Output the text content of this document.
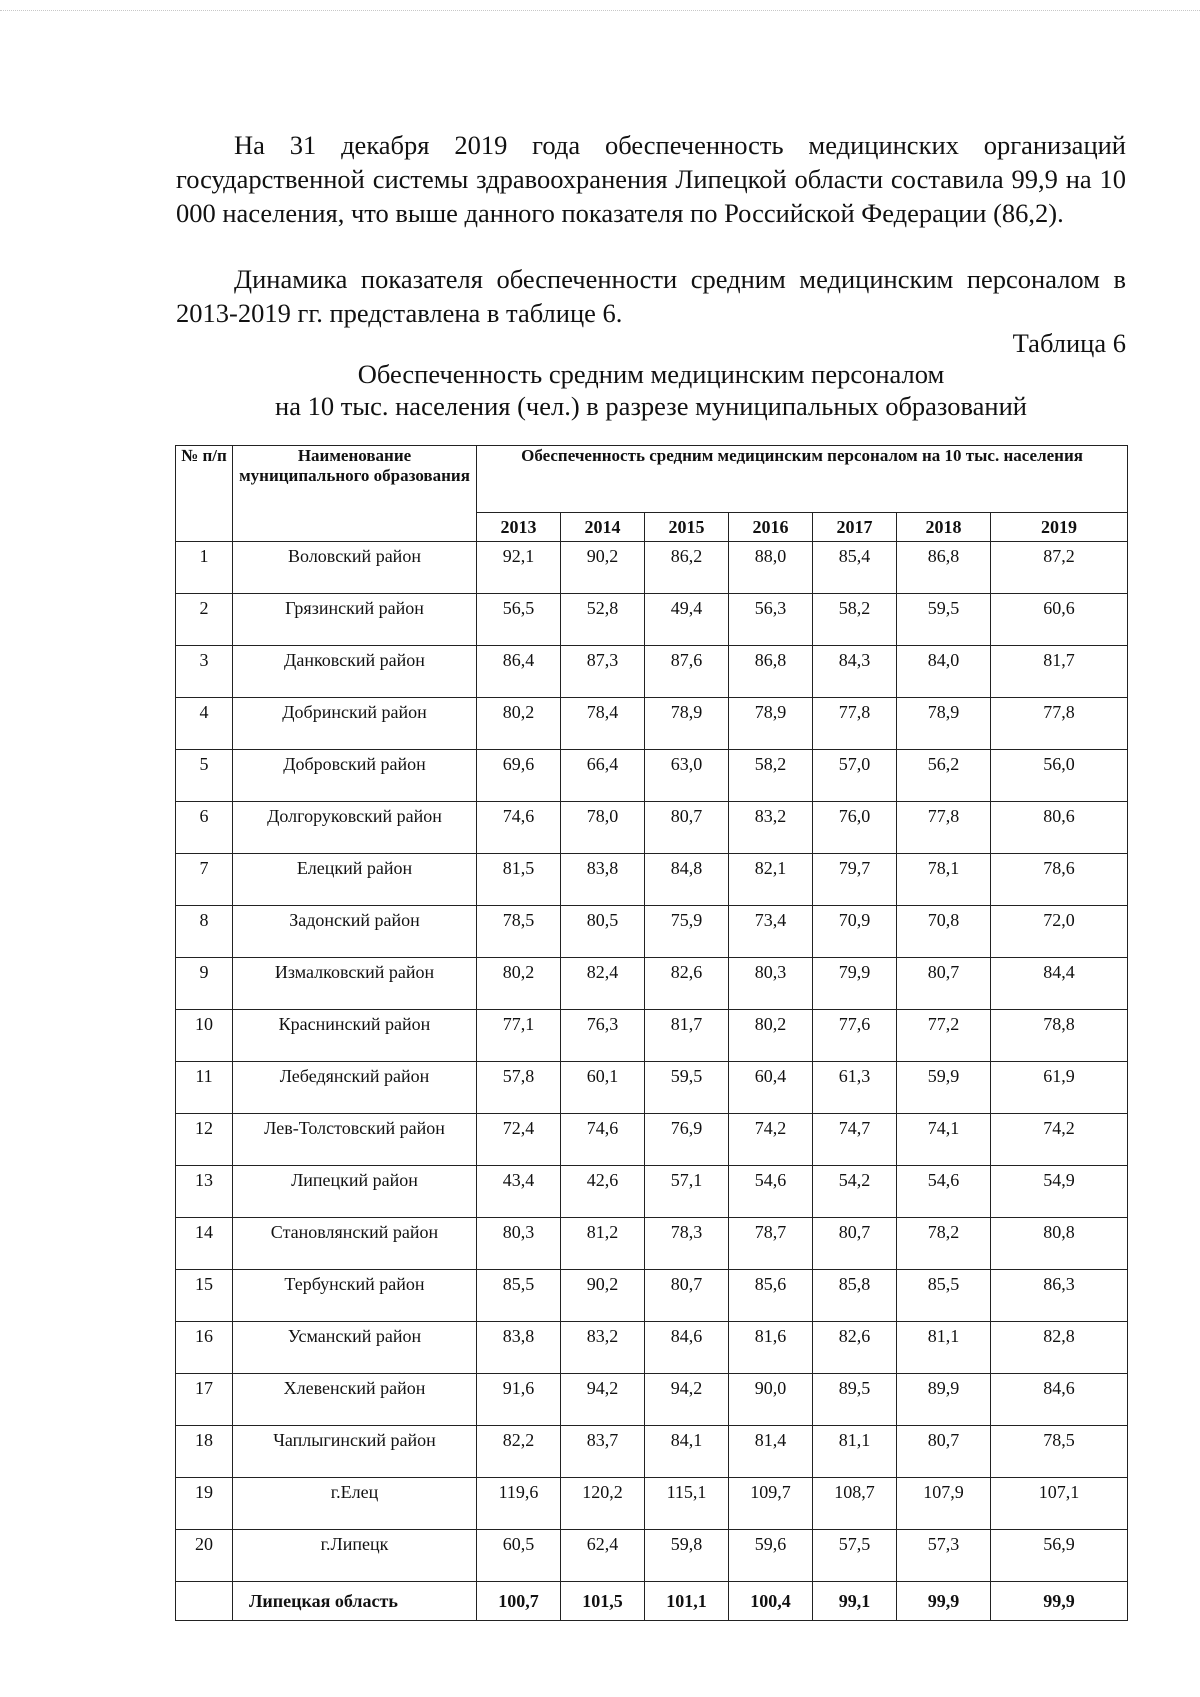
На 31 декабря 2019 года обеспеченность медицинских организаций государственной системы здравоохранения Липецкой области составила 99,9 на 10 000 населения, что выше данного показателя по Российской Федерации (86,2).
Динамика показателя обеспеченности средним медицинским персоналом в 2013-2019 гг. представлена в таблице 6.
Таблица 6
Обеспеченность средним медицинским персоналом
на 10 тыс. населения (чел.) в разрезе муниципальных образований
№ п/п	Наименование муниципального образования	Обеспеченность средним медицинским персоналом на 10 тыс. населения						
		2013	2014	2015	2016	2017	2018	2019
1	Воловский район	92,1	90,2	86,2	88,0	85,4	86,8	87,2
2	Грязинский район	56,5	52,8	49,4	56,3	58,2	59,5	60,6
3	Данковский район	86,4	87,3	87,6	86,8	84,3	84,0	81,7
4	Добринский район	80,2	78,4	78,9	78,9	77,8	78,9	77,8
5	Добровский район	69,6	66,4	63,0	58,2	57,0	56,2	56,0
6	Долгоруковский район	74,6	78,0	80,7	83,2	76,0	77,8	80,6
7	Елецкий район	81,5	83,8	84,8	82,1	79,7	78,1	78,6
8	Задонский район	78,5	80,5	75,9	73,4	70,9	70,8	72,0
9	Измалковский район	80,2	82,4	82,6	80,3	79,9	80,7	84,4
10	Краснинский район	77,1	76,3	81,7	80,2	77,6	77,2	78,8
11	Лебедянский район	57,8	60,1	59,5	60,4	61,3	59,9	61,9
12	Лев-Толстовский район	72,4	74,6	76,9	74,2	74,7	74,1	74,2
13	Липецкий район	43,4	42,6	57,1	54,6	54,2	54,6	54,9
14	Становлянский район	80,3	81,2	78,3	78,7	80,7	78,2	80,8
15	Тербунский район	85,5	90,2	80,7	85,6	85,8	85,5	86,3
16	Усманский район	83,8	83,2	84,6	81,6	82,6	81,1	82,8
17	Хлевенский район	91,6	94,2	94,2	90,0	89,5	89,9	84,6
18	Чаплыгинский район	82,2	83,7	84,1	81,4	81,1	80,7	78,5
19	г.Елец	119,6	120,2	115,1	109,7	108,7	107,9	107,1
20	г.Липецк	60,5	62,4	59,8	59,6	57,5	57,3	56,9
	Липецкая область	100,7	101,5	101,1	100,4	99,1	99,9	99,9
